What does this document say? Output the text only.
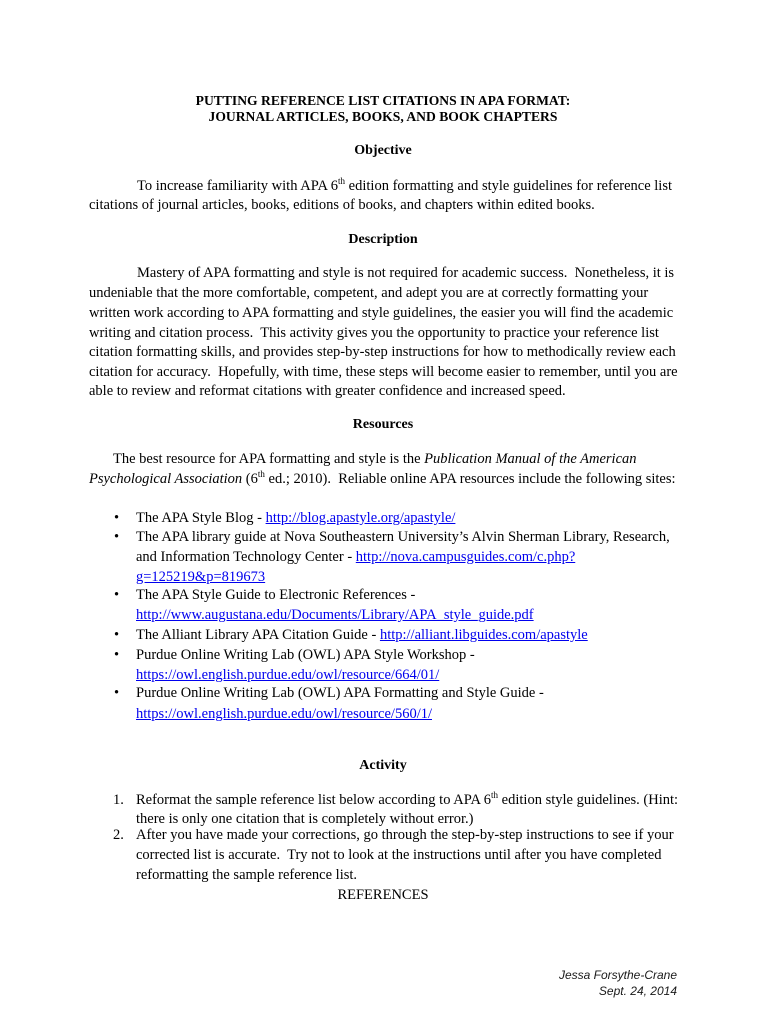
PUTTING REFERENCE LIST CITATIONS IN APA FORMAT:
JOURNAL ARTICLES, BOOKS, AND BOOK CHAPTERS
Objective
To increase familiarity with APA 6th edition formatting and style guidelines for reference list
citations of journal articles, books, editions of books, and chapters within edited books.
Description
Mastery of APA formatting and style is not required for academic success.  Nonetheless, it is
undeniable that the more comfortable, competent, and adept you are at correctly formatting your
written work according to APA formatting and style guidelines, the easier you will find the academic
writing and citation process.  This activity gives you the opportunity to practice your reference list
citation formatting skills, and provides step-by-step instructions for how to methodically review each
citation for accuracy.  Hopefully, with time, these steps will become easier to remember, until you are
able to review and reformat citations with greater confidence and increased speed.
Resources
The best resource for APA formatting and style is the Publication Manual of the American
Psychological Association (6th ed.; 2010).  Reliable online APA resources include the following sites:
• The APA Style Blog - http://blog.apastyle.org/apastyle/
• The APA library guide at Nova Southeastern University’s Alvin Sherman Library, Research,
and Information Technology Center - http://nova.campusguides.com/c.php?
g=125219&p=819673
• The APA Style Guide to Electronic References -
http://www.augustana.edu/Documents/Library/APA_style_guide.pdf
• The Alliant Library APA Citation Guide - http://alliant.libguides.com/apastyle
• Purdue Online Writing Lab (OWL) APA Style Workshop -
https://owl.english.purdue.edu/owl/resource/664/01/
• Purdue Online Writing Lab (OWL) APA Formatting and Style Guide -
https://owl.english.purdue.edu/owl/resource/560/1/
Activity
1. Reformat the sample reference list below according to APA 6th edition style guidelines. (Hint:
there is only one citation that is completely without error.)
2. After you have made your corrections, go through the step-by-step instructions to see if your
corrected list is accurate.  Try not to look at the instructions until after you have completed
reformatting the sample reference list.
REFERENCES
Jessa Forsythe-Crane
Sept. 24, 2014
